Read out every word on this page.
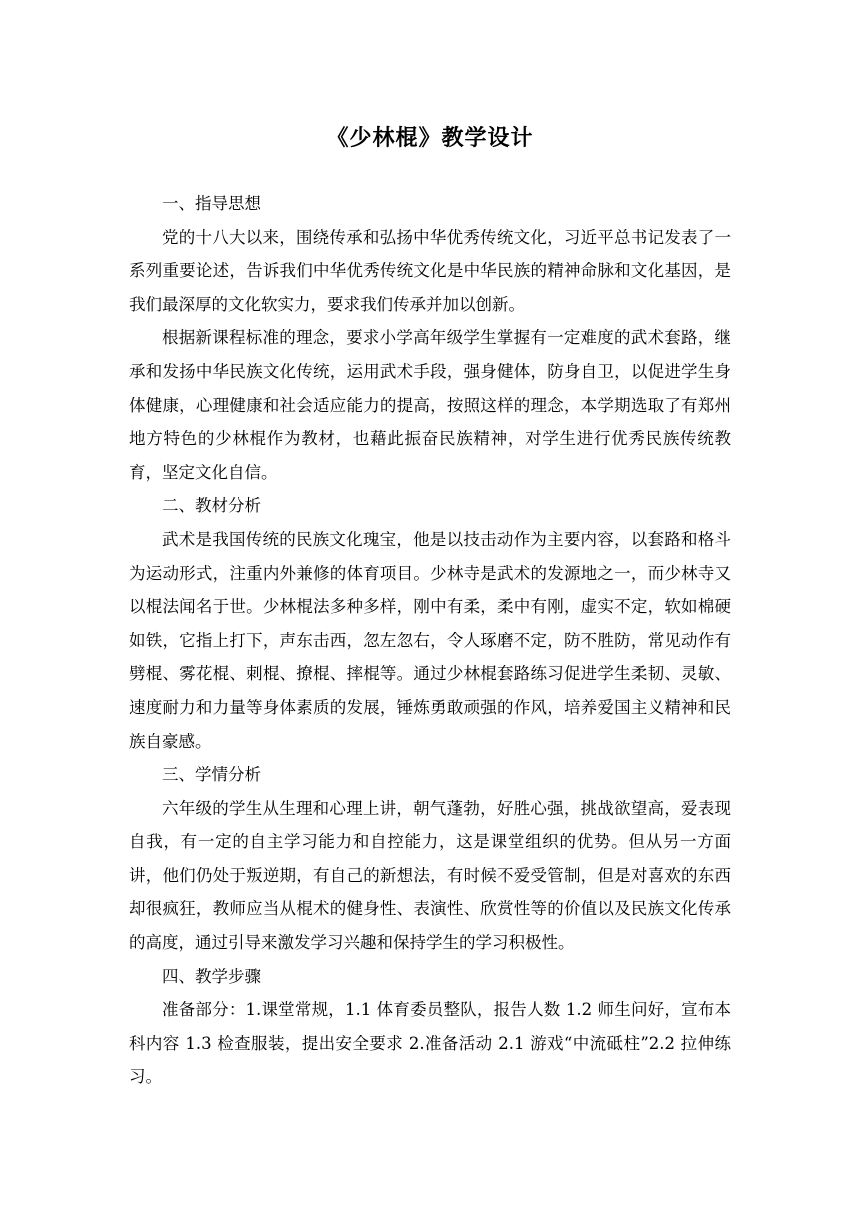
《少林棍》教学设计

一、指导思想

党的十八大以来，围绕传承和弘扬中华优秀传统文化，习近平总书记发表了一系列重要论述，告诉我们中华优秀传统文化是中华民族的精神命脉和文化基因，是我们最深厚的文化软实力，要求我们传承并加以创新。

根据新课程标准的理念，要求小学高年级学生掌握有一定难度的武术套路，继承和发扬中华民族文化传统，运用武术手段，强身健体，防身自卫，以促进学生身体健康，心理健康和社会适应能力的提高，按照这样的理念，本学期选取了有郑州地方特色的少林棍作为教材，也藉此振奋民族精神，对学生进行优秀民族传统教育，坚定文化自信。

二、教材分析

武术是我国传统的民族文化瑰宝，他是以技击动作为主要内容，以套路和格斗为运动形式，注重内外兼修的体育项目。少林寺是武术的发源地之一，而少林寺又以棍法闻名于世。少林棍法多种多样，刚中有柔，柔中有刚，虚实不定，软如棉硬如铁，它指上打下，声东击西，忽左忽右，令人琢磨不定，防不胜防，常见动作有劈棍、雾花棍、刺棍、撩棍、摔棍等。通过少林棍套路练习促进学生柔韧、灵敏、速度耐力和力量等身体素质的发展，锤炼勇敢顽强的作风，培养爱国主义精神和民族自豪感。

三、学情分析

六年级的学生从生理和心理上讲，朝气蓬勃，好胜心强，挑战欲望高，爱表现自我，有一定的自主学习能力和自控能力，这是课堂组织的优势。但从另一方面讲，他们仍处于叛逆期，有自己的新想法，有时候不爱受管制，但是对喜欢的东西却很疯狂，教师应当从棍术的健身性、表演性、欣赏性等的价值以及民族文化传承的高度，通过引导来激发学习兴趣和保持学生的学习积极性。

四、教学步骤

准备部分：1.课堂常规，1.1 体育委员整队，报告人数 1.2 师生问好，宣布本科内容 1.3 检查服装，提出安全要求 2.准备活动 2.1 游戏“中流砥柱”2.2 拉伸练习。
